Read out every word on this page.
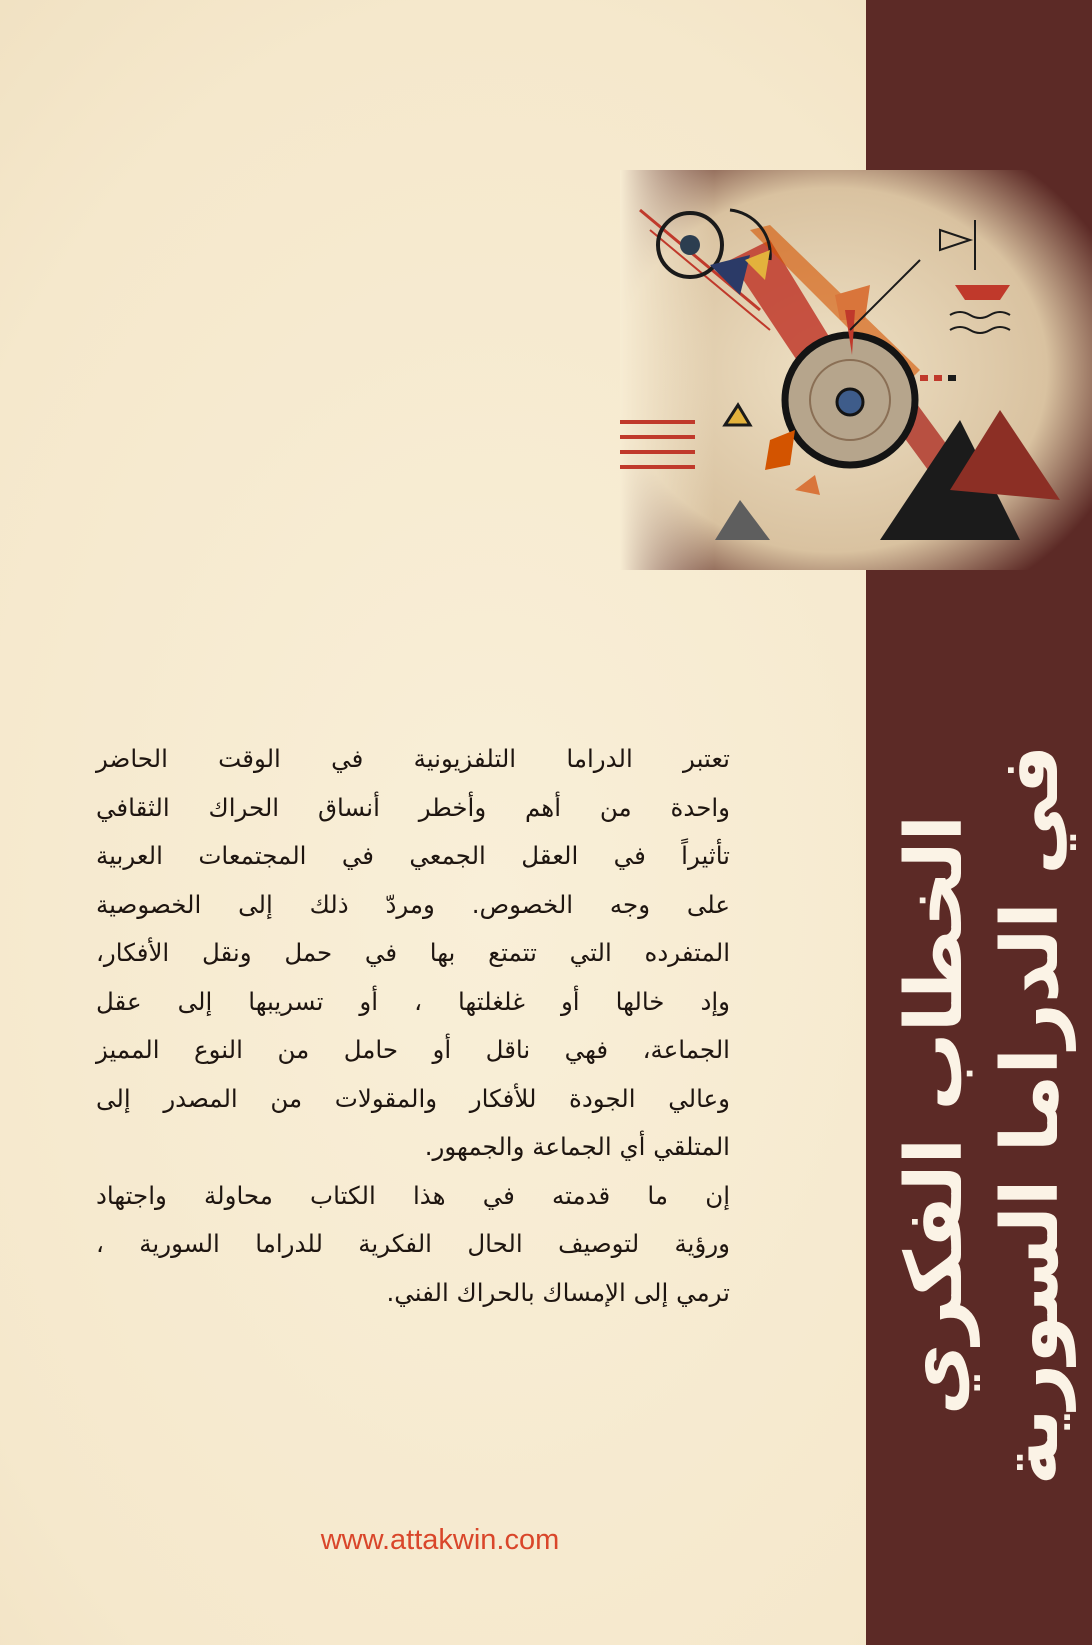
الخطاب الفكري في الدراما السورية

تعتبر الدراما التلفزيونية في الوقت الحاضر
واحدة من أهم وأخطر أنساق الحراك الثقافي
تأثيراً في العقل الجمعي في المجتمعات العربية
على وجه الخصوص. ومردّ ذلك إلى الخصوصية
المتفرده التي تتمتع بها في حمل ونقل الأفكار،
وإد خالها أو غلغلتها ، أو تسريبها إلى عقل
الجماعة، فهي ناقل أو حامل من النوع المميز
وعالي الجودة للأفكار والمقولات من المصدر إلى
المتلقي أي الجماعة والجمهور.

إن ما قدمته في هذا الكتاب محاولة واجتهاد
ورؤية لتوصيف الحال الفكرية للدراما السورية ،
ترمي إلى الإمساك بالحراك الفني.

www.attakwin.com
